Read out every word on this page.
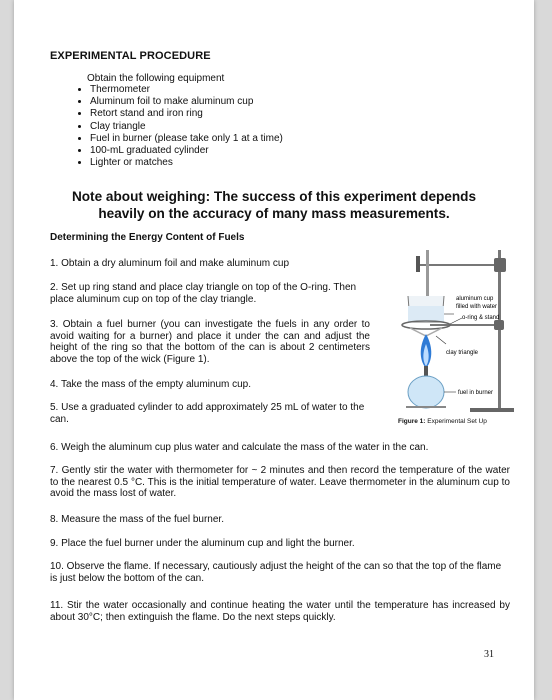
EXPERIMENTAL PROCEDURE
Obtain the following equipment
• Thermometer
• Aluminum foil to make aluminum cup
• Retort stand and iron ring
• Clay triangle
• Fuel in burner (please take only 1 at a time)
• 100-mL graduated cylinder
• Lighter or matches
Note about weighing: The success of this experiment depends heavily on the accuracy of many mass measurements.
Determining the Energy Content of Fuels
1. Obtain a dry aluminum foil and make aluminum cup
2. Set up ring stand and place clay triangle on top of the O-ring. Then place aluminum cup on top of the clay triangle.
3. Obtain a fuel burner (you can investigate the fuels in any order to avoid waiting for a burner) and place it under the can and adjust the height of the ring so that the bottom of the can is about 2 centimeters above the top of the wick (Figure 1).
4. Take the mass of the empty aluminum cup.
5. Use a graduated cylinder to add approximately 25 mL of water to the can.
6. Weigh the aluminum cup plus water and calculate the mass of the water in the can.
7. Gently stir the water with thermometer for ~ 2 minutes and then record the temperature of the water to the nearest 0.5 °C. This is the initial temperature of water. Leave thermometer in the aluminum cup to avoid the mass lost of water.
8. Measure the mass of the fuel burner.
9. Place the fuel burner under the aluminum cup and light the burner.
10. Observe the flame. If necessary, cautiously adjust the height of the can so that the top of the flame is just below the bottom of the can.
11. Stir the water occasionally and continue heating the water until the temperature has increased by about 30°C; then extinguish the flame. Do the next steps quickly.
aluminum cup
filled with water
o-ring & stand
clay triangle
fuel in burner
Figure 1: Experimental Set Up
31
